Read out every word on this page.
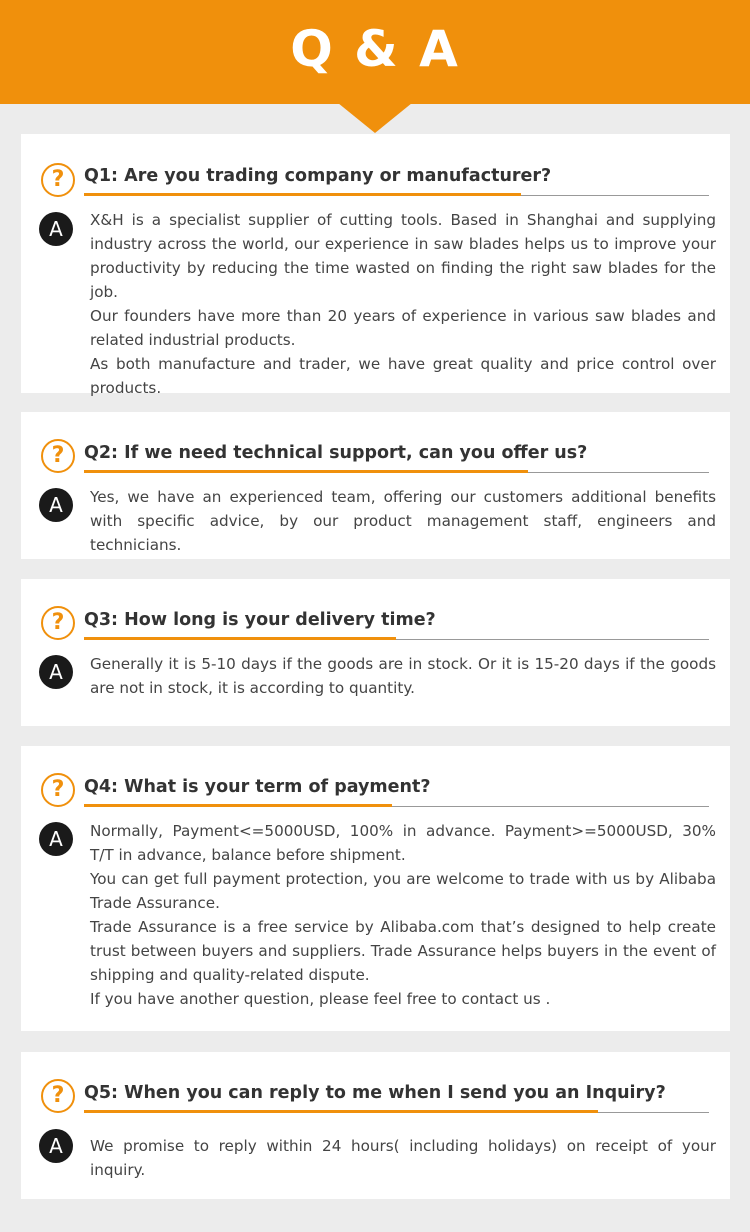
Q & A
?	Q1: Are you trading company or manufacturer?
A	X&H is a specialist supplier of cutting tools. Based in Shanghai and supplying industry across the world, our experience in saw blades helps us to improve your productivity by reducing the time wasted on finding the right saw blades for the job.

Our founders have more than 20 years of experience in various saw blades and related industrial products.

As both manufacture and trader, we have great quality and price control over products.

?	Q2: If we need technical support, can you offer us?
A	Yes, we have an experienced team, offering our customers additional benefits with specific advice, by our product management staff, engineers and technicians.

?	Q3: How long is your delivery time?
A	Generally it is 5-10 days if the goods are in stock. Or it is 15-20 days if the goods are not in stock, it is according to quantity.

?	Q4: What is your term of payment?
A	Normally, Payment<=5000USD, 100% in advance. Payment>=5000USD, 30% T/T in advance, balance before shipment.

You can get full payment protection, you are welcome to trade with us by Alibaba Trade Assurance.

Trade Assurance is a free service by Alibaba.com that’s designed to help create trust between buyers and suppliers. Trade Assurance helps buyers in the event of shipping and quality-related dispute.

If you have another question, please feel free to contact us .

?	Q5: When you can reply to me when I send you an Inquiry?
A	We promise to reply within 24 hours( including holidays) on receipt of your inquiry.
